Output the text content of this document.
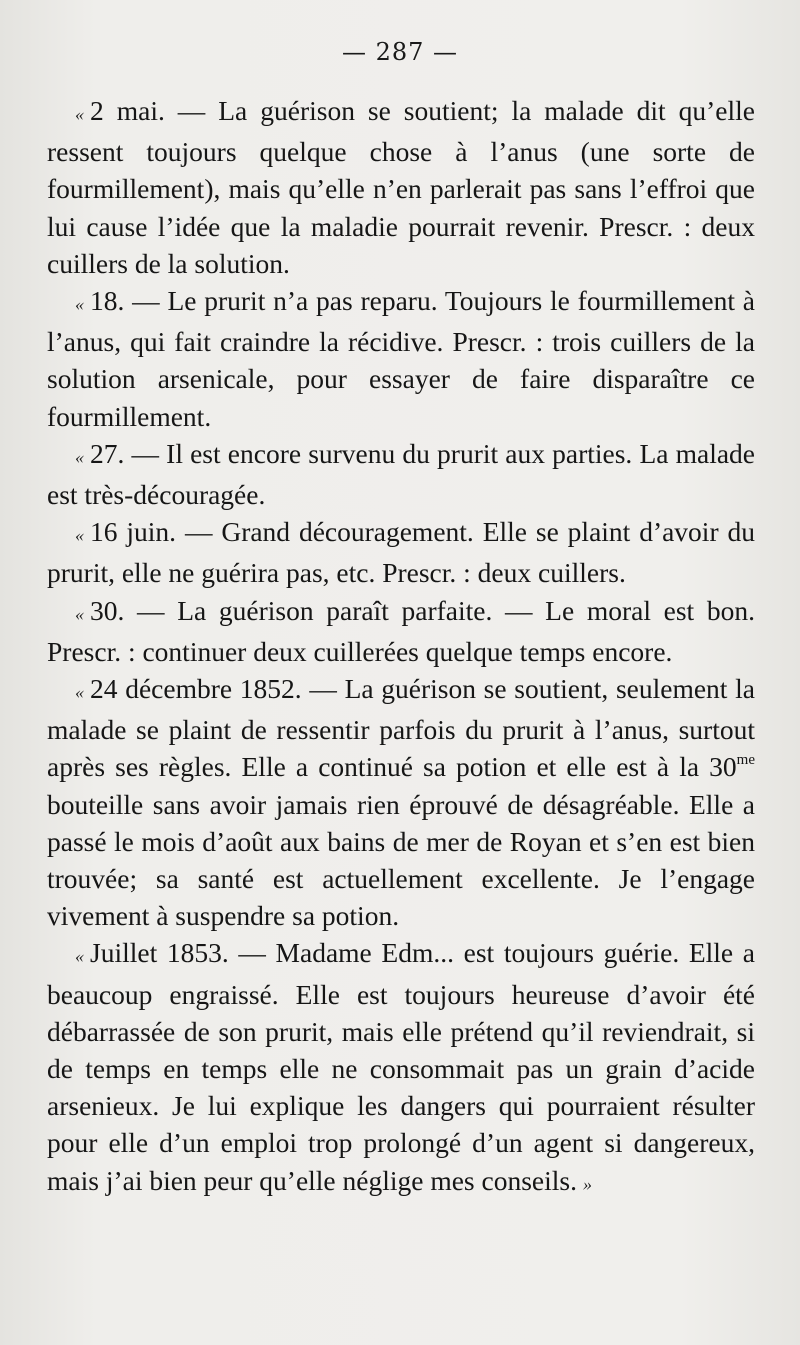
— 287 —

« 2 mai. — La guérison se soutient; la malade dit qu’elle ressent toujours quelque chose à l’anus (une sorte de fourmillement), mais qu’elle n’en parlerait pas sans l’effroi que lui cause l’idée que la maladie pourrait revenir. Prescr. : deux cuillers de la solution.

« 18. — Le prurit n’a pas reparu. Toujours le fourmillement à l’anus, qui fait craindre la récidive. Prescr. : trois cuillers de la solution arsenicale, pour essayer de faire disparaître ce fourmillement.

« 27. — Il est encore survenu du prurit aux parties. La malade est très-découragée.

« 16 juin. — Grand découragement. Elle se plaint d’avoir du prurit, elle ne guérira pas, etc. Prescr. : deux cuillers.

« 30. — La guérison paraît parfaite. — Le moral est bon. Prescr. : continuer deux cuillerées quelque temps encore.

« 24 décembre 1852. — La guérison se soutient, seulement la malade se plaint de ressentir parfois du prurit à l’anus, surtout après ses règles. Elle a continué sa potion et elle est à la $30^{me}$ bouteille sans avoir jamais rien éprouvé de désagréable. Elle a passé le mois d’août aux bains de mer de Royan et s’en est bien trouvée; sa santé est actuellement excellente. Je l’engage vivement à suspendre sa potion.

« Juillet 1853. — Madame Edm... est toujours guérie. Elle a beaucoup engraissé. Elle est toujours heureuse d’avoir été débarrassée de son prurit, mais elle prétend qu’il reviendrait, si de temps en temps elle ne consommait pas un grain d’acide arsenieux. Je lui explique les dangers qui pourraient résulter pour elle d’un emploi trop prolongé d’un agent si dangereux, mais j’ai bien peur qu’elle néglige mes conseils. »
